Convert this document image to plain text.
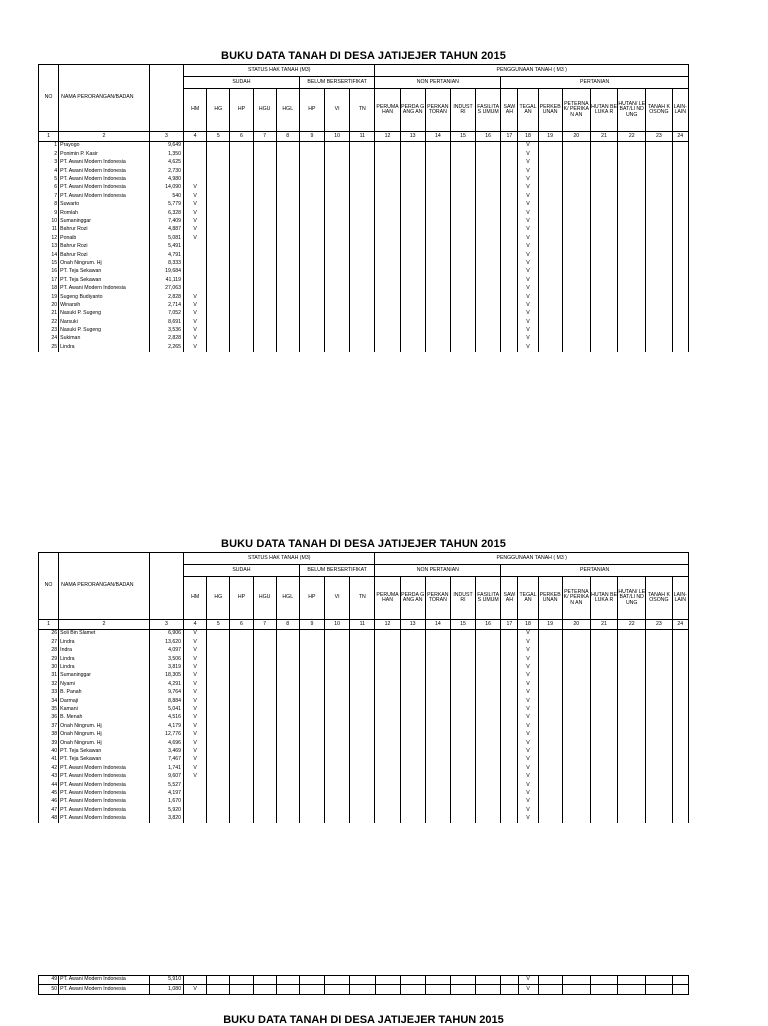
BUKU DATA TANAH DI DESA JATIJEJER TAHUN 2015
NO	NAMA PERORANGAN/BADAN		STATUS HAK TANAH (M3)								PENGGUNAAN TANAH ( M3 )												
			SUDAH					BELUM BERSERTIFIKAT			NON PERTANIAN					PERTANIAN							
			HM	HG	HP	HGU	HGL	HP	VI	TN	PERUMA HAN	PERDA GANG AN	PERKAN TORAN	INDUST RI	FASILITA S UMUM	SAW AH	TEGAL AN	PERKEB UNAN	PETERNA K/ PERIKAN AN	HUTAN BELUKA R	HUTAN/ LEBAT/LI NDUNG	TANAH KOSONG	LAIN- LAIN
1	2	3	4	5	6	7	8	9	10	11	12	13	14	15	16	17	18	19	20	21	22	23	24
1	Prayogo	9,649															V						
2	Ponimin P. Kasir	1,350															V						
3	PT. Awani Modern Indonesia	4,625															V						
4	PT. Awani Modern Indonesia	2,730															V						
5	PT. Awani Modern Indonesia	4,980															V						
6	PT. Awani Modern Indonesia	14,090	V														V						
7	PT. Awani Modern Indonesia	540	V														V						
8	Suwarto	5,779	V														V						
9	Romlah	6,328	V														V						
10	Sumaninggar	7,409	V														V						
11	Bahrur Rozi	4,887	V														V						
12	Ponaib	5,081	V														V						
13	Bahrur Rozi	5,491															V						
14	Bahrur Rozi	4,791															V						
15	Onah Ningrum. Hj	8,333															V						
16	PT. Teja Sekawan	19,684															V						
17	PT. Teja Sekawan	41,119															V						
18	PT. Awani Modern Indonesia	27,063															V						
19	Sugeng Budiyanto	2,828	V														V						
20	Winarsih	2,714	V														V						
21	Nasuki P. Sugeng	7,052	V														V						
22	Narsuki	8,691	V														V						
23	Nasuki P. Sugeng	3,536	V														V						
24	Sukiman	2,828	V														V						
25	Lindra	2,265	V														V						
BUKU DATA TANAH DI DESA JATIJEJER TAHUN 2015
NO	NAMA PERORANGAN/BADAN		STATUS HAK TANAH (M3)								PENGGUNAAN TANAH ( M3 )												
			SUDAH					BELUM BERSERTIFIKAT			NON PERTANIAN					PERTANIAN							
			HM	HG	HP	HGU	HGL	HP	VI	TN	PERUMA HAN	PERDA GANG AN	PERKAN TORAN	INDUST RI	FASILITA S UMUM	SAW AH	TEGAL AN	PERKEB UNAN	PETERNA K/ PERIKAN AN	HUTAN BELUKA R	HUTAN/ LEBAT/LI NDUNG	TANAH KOSONG	LAIN- LAIN
1	2	3	4	5	6	7	8	9	10	11	12	13	14	15	16	17	18	19	20	21	22	23	24
26	Soli Bin Slamet	6,906	V														V						
27	Lindra	13,620	V														V						
28	Indra	4,097	V														V						
29	Lindra	3,506	V														V						
30	Lindra	3,819	V														V						
31	Sumaninggar	18,305	V														V						
32	Nyami	4,291	V														V						
33	B. Panah	9,764	V														V						
34	Darmaji	8,884	V														V						
35	Kamani	5,041	V														V						
36	B. Menah	4,516	V														V						
37	Onah Ningrum. Hj	4,179	V														V						
38	Onah Ningrum. Hj	12,776	V														V						
39	Onah Ningrum. Hj	4,696	V														V						
40	PT. Teja Sekawan	3,469	V														V						
41	PT. Teja Sekawan	7,467	V														V						
42	PT. Awani Modern Indonesia	1,741	V														V						
43	PT. Awani Modern Indonesia	9,607	V														V						
44	PT. Awani Modern Indonesia	5,527															V						
45	PT. Awani Modern Indonesia	4,197															V						
46	PT. Awani Modern Indonesia	1,670															V						
47	PT. Awani Modern Indonesia	5,920															V						
48	PT. Awani Modern Indonesia	3,820															V						
49	PT. Awani Modern Indonesia	5,910															V						
50	PT. Awani Modern Indonesia	1,080	V														V						
BUKU DATA TANAH DI DESA JATIJEJER TAHUN 2015
